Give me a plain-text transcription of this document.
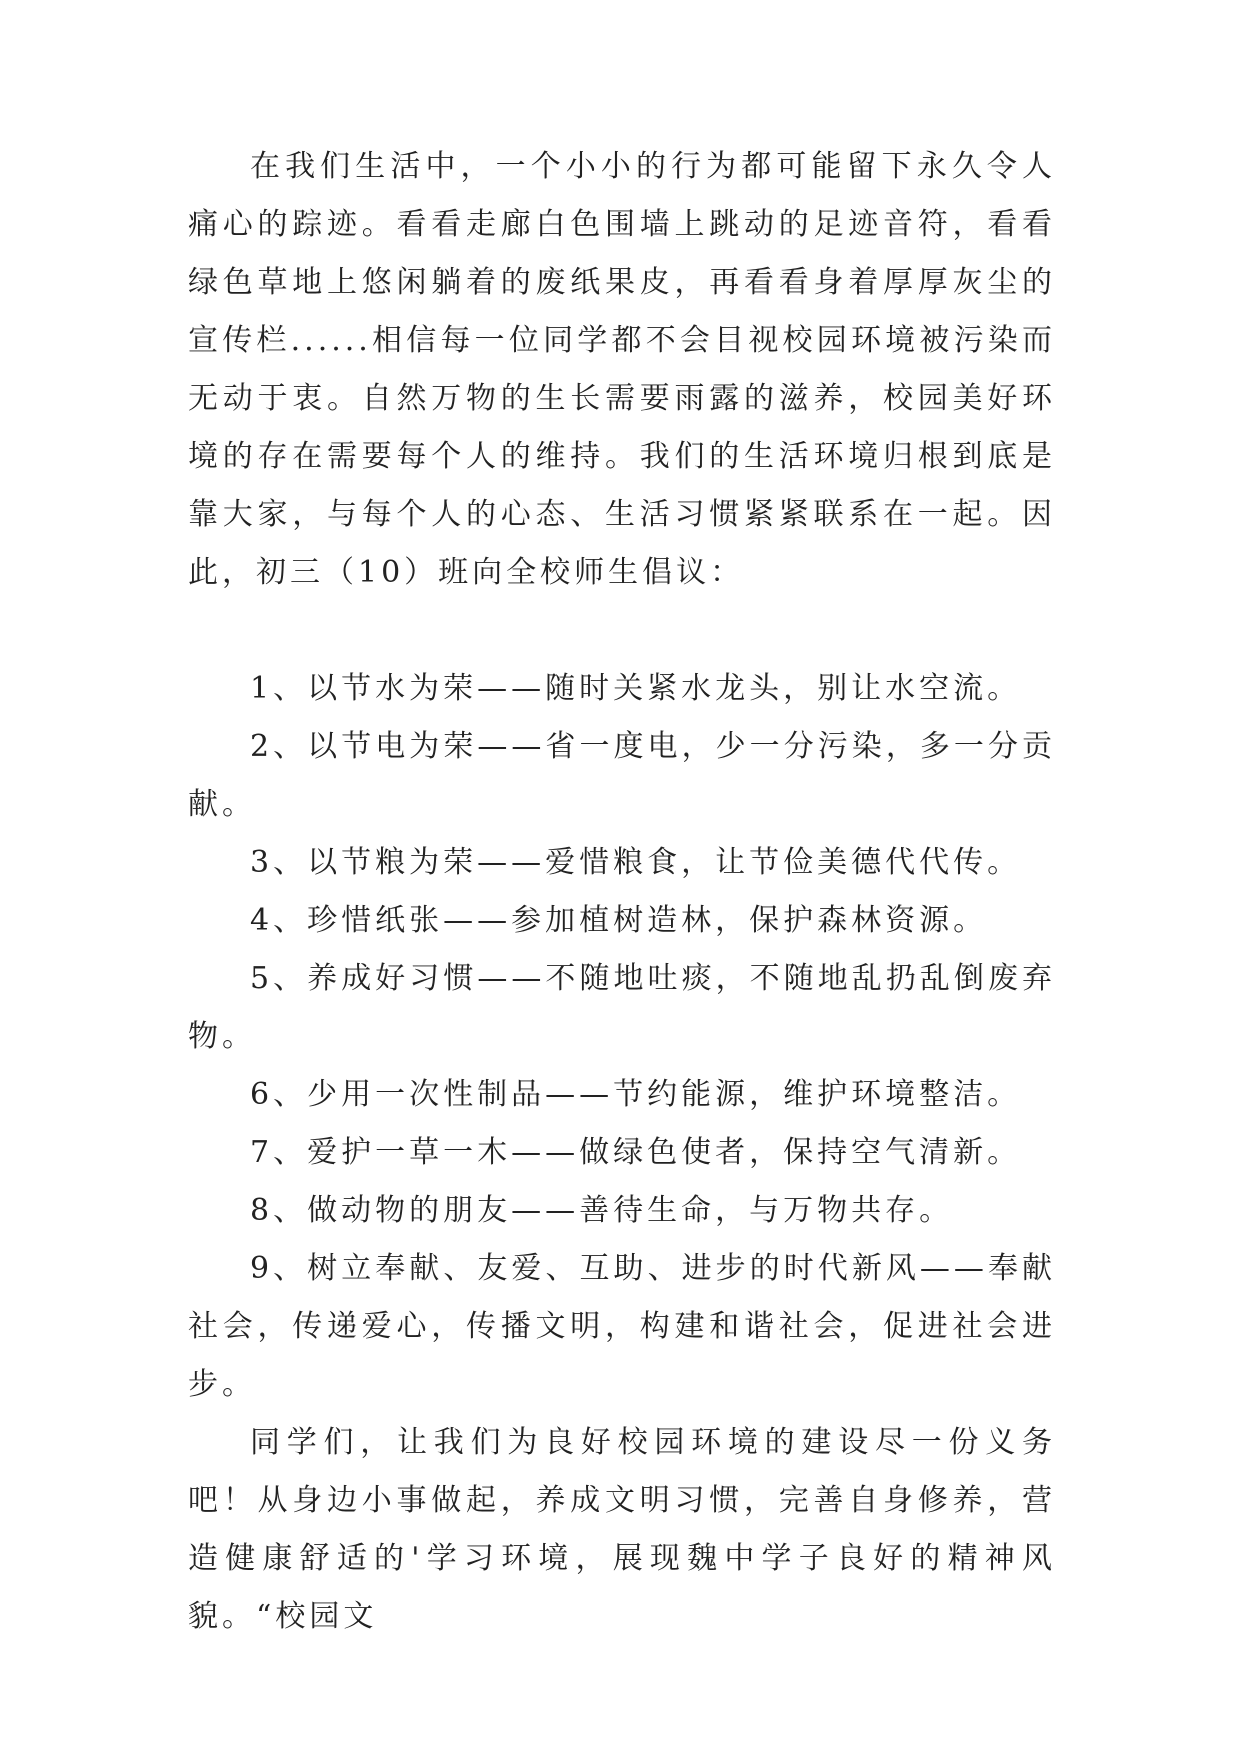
在我们生活中，一个小小的行为都可能留下永久令人痛心的踪迹。看看走廊白色围墙上跳动的足迹音符，看看绿色草地上悠闲躺着的废纸果皮，再看看身着厚厚灰尘的宣传栏......相信每一位同学都不会目视校园环境被污染而无动于衷。自然万物的生长需要雨露的滋养，校园美好环境的存在需要每个人的维持。我们的生活环境归根到底是靠大家，与每个人的心态、生活习惯紧紧联系在一起。因此，初三（10）班向全校师生倡议：

1、以节水为荣——随时关紧水龙头，别让水空流。

2、以节电为荣——省一度电，少一分污染，多一分贡献。

3、以节粮为荣——爱惜粮食，让节俭美德代代传。

4、珍惜纸张——参加植树造林，保护森林资源。

5、养成好习惯——不随地吐痰，不随地乱扔乱倒废弃物。

6、少用一次性制品——节约能源，维护环境整洁。

7、爱护一草一木——做绿色使者，保持空气清新。

8、做动物的朋友——善待生命，与万物共存。

9、树立奉献、友爱、互助、进步的时代新风——奉献社会，传递爱心，传播文明，构建和谐社会，促进社会进步。

同学们，让我们为良好校园环境的建设尽一份义务吧！从身边小事做起，养成文明习惯，完善自身修养，营造健康舒适的'学习环境，展现魏中学子良好的精神风貌。“校园文
